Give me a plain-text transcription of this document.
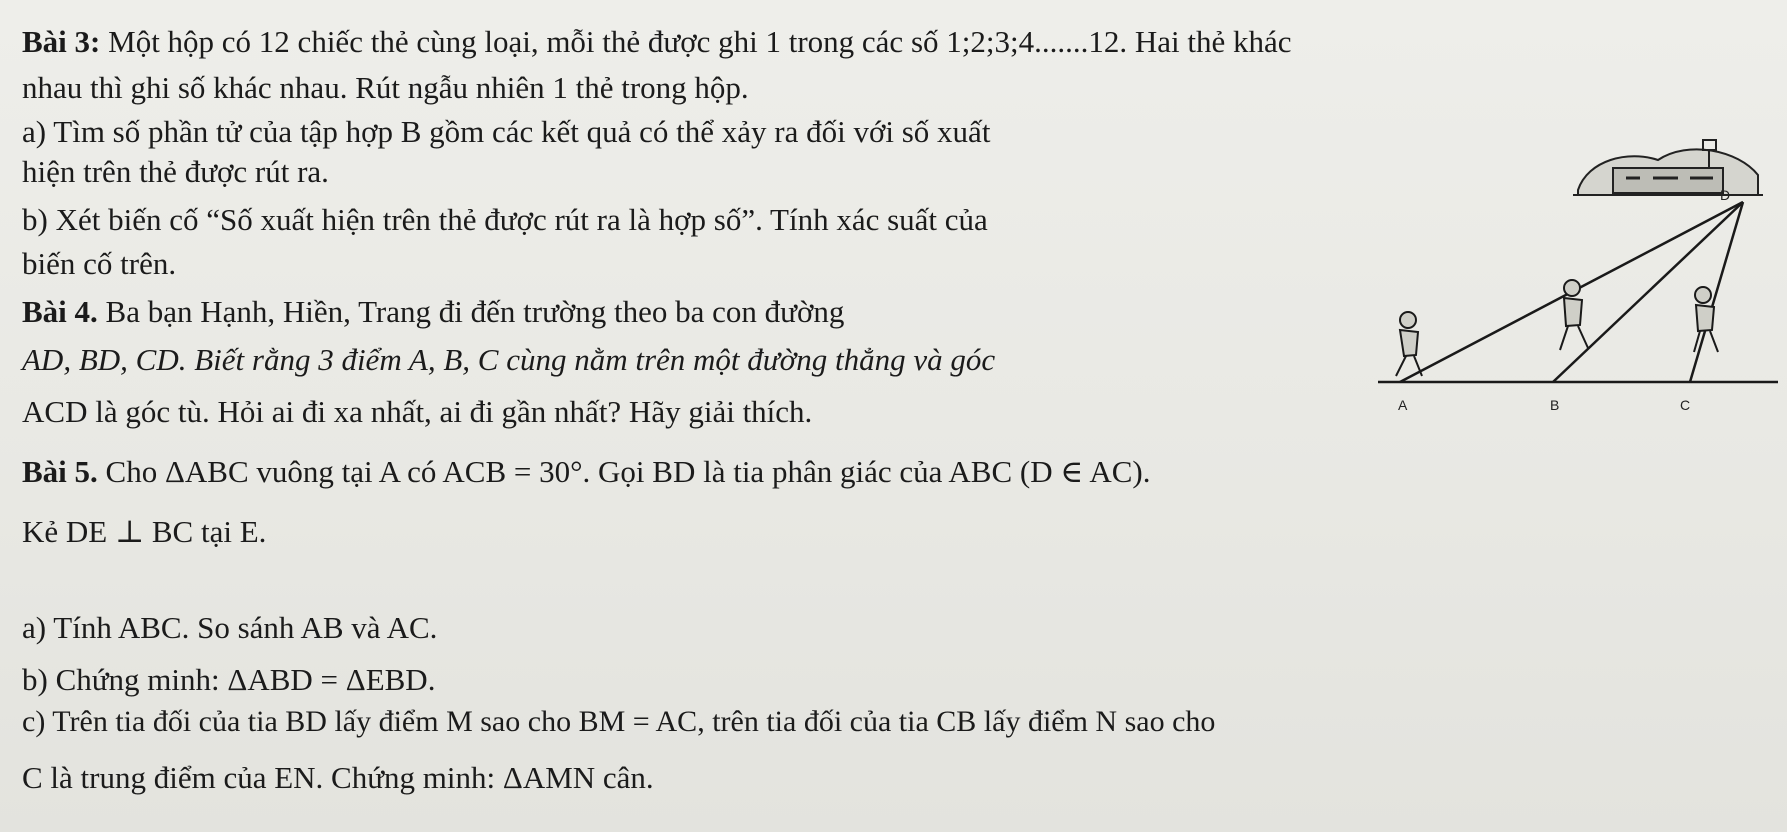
Bài 3: Một hộp có 12 chiếc thẻ cùng loại, mỗi thẻ được ghi 1 trong các số 1;2;3;4.......12. Hai thẻ khác
nhau thì ghi số khác nhau. Rút ngẫu nhiên 1 thẻ trong hộp.
a) Tìm số phần tử của tập hợp B gồm các kết quả có thể xảy ra đối với số xuất
hiện trên thẻ được rút ra.
b) Xét biến cố “Số xuất hiện trên thẻ được rút ra là hợp số”. Tính xác suất của
biến cố trên.
Bài 4. Ba bạn Hạnh, Hiền, Trang đi đến trường theo ba con đường
AD, BD, CD. Biết rằng 3 điểm A, B, C cùng nằm trên một đường thẳng và góc
ACD là góc tù. Hỏi ai đi xa nhất, ai đi gần nhất? Hãy giải thích.
D
A	B	C
Bài 5. Cho ΔABC vuông tại A có ACB = 30°. Gọi BD là tia phân giác của ABC (D ∈ AC).
Kẻ DE ⊥ BC tại E.
a) Tính ABC. So sánh AB và AC.
b) Chứng minh: ΔABD = ΔEBD.
c) Trên tia đối của tia BD lấy điểm M sao cho BM = AC, trên tia đối của tia CB lấy điểm N sao cho
C là trung điểm của EN. Chứng minh: ΔAMN cân.
